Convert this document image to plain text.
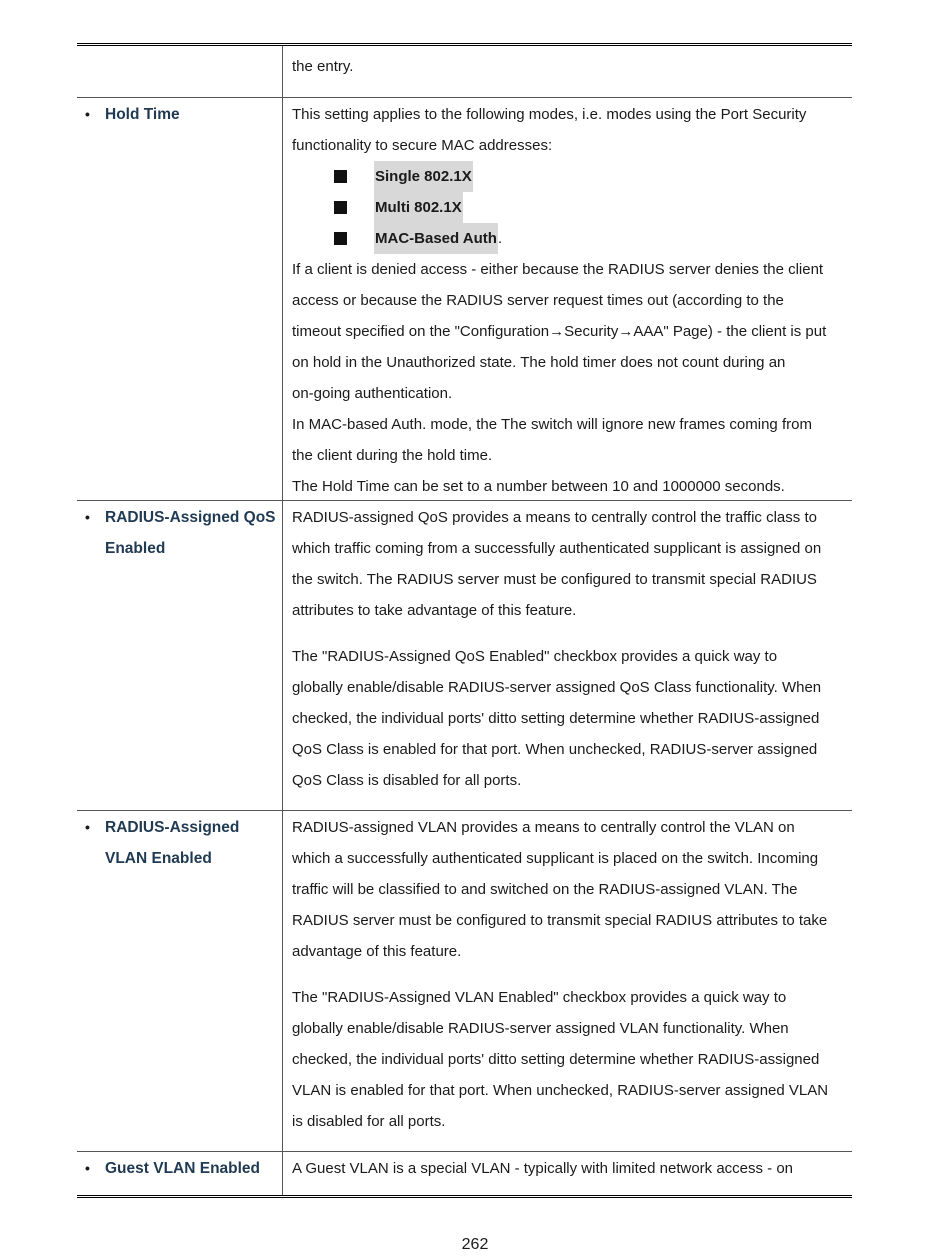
the entry.
• Hold Time	This setting applies to the following modes, i.e. modes using the Port Security
functionality to secure MAC addresses:
Single 802.1X
Multi 802.1X
MAC-Based Auth .
If a client is denied access - either because the RADIUS server denies the client
access or because the RADIUS server request times out (according to the
timeout specified on the "Configuration→Security→AAA" Page) - the client is put
on hold in the Unauthorized state. The hold timer does not count during an
on-going authentication.
In MAC-based Auth. mode, the The switch will ignore new frames coming from
the client during the hold time.
The Hold Time can be set to a number between 10 and 1000000 seconds.
• RADIUS-Assigned QoS
Enabled
RADIUS-assigned QoS provides a means to centrally control the traffic class to
which traffic coming from a successfully authenticated supplicant is assigned on
the switch. The RADIUS server must be configured to transmit special RADIUS
attributes to take advantage of this feature.
The "RADIUS-Assigned QoS Enabled" checkbox provides a quick way to
globally enable/disable RADIUS-server assigned QoS Class functionality. When
checked, the individual ports' ditto setting determine whether RADIUS-assigned
QoS Class is enabled for that port. When unchecked, RADIUS-server assigned
QoS Class is disabled for all ports.
• RADIUS-Assigned
VLAN Enabled
RADIUS-assigned VLAN provides a means to centrally control the VLAN on
which a successfully authenticated supplicant is placed on the switch. Incoming
traffic will be classified to and switched on the RADIUS-assigned VLAN. The
RADIUS server must be configured to transmit special RADIUS attributes to take
advantage of this feature.
The "RADIUS-Assigned VLAN Enabled" checkbox provides a quick way to
globally enable/disable RADIUS-server assigned VLAN functionality. When
checked, the individual ports' ditto setting determine whether RADIUS-assigned
VLAN is enabled for that port. When unchecked, RADIUS-server assigned VLAN
is disabled for all ports.
• Guest VLAN Enabled A Guest VLAN is a special VLAN - typically with limited network access - on
262
